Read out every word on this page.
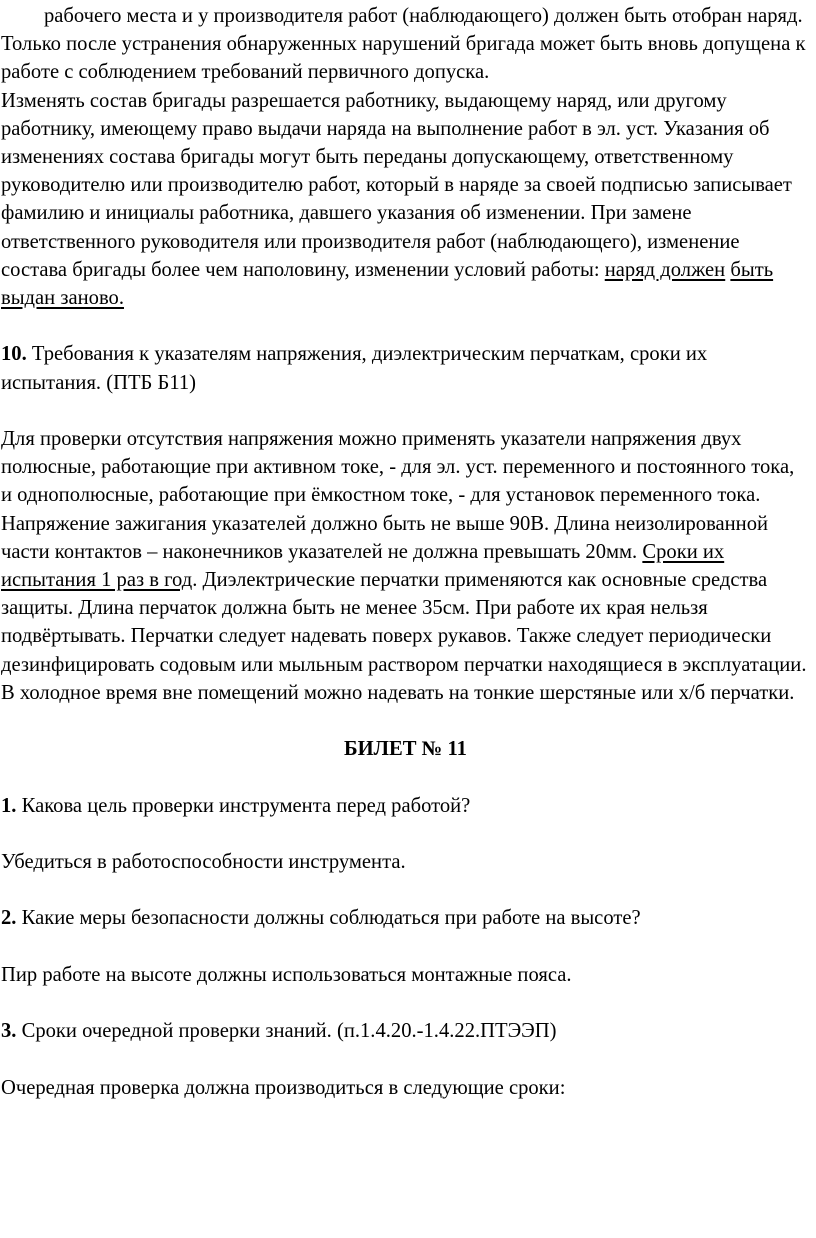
рабочего места и у производителя работ (наблюдающего) должен быть отобран наряд. Только после устранения обнаруженных нарушений бригада может быть вновь допущена к работе с соблюдением требований первичного допуска.

Изменять состав бригады разрешается работнику, выдающему наряд, или другому работнику, имеющему право выдачи наряда на выполнение работ в эл. уст. Указания об изменениях состава бригады могут быть переданы допускающему, ответственному руководителю или производителю работ, который в наряде за своей подписью записывает фамилию и инициалы работника, давшего указания об изменении. При замене ответственного руководителя или производителя работ (наблюдающего), изменение состава бригады более чем наполовину, изменении условий работы: наряд должен быть выдан заново.

10. Требования к указателям напряжения, диэлектрическим перчаткам, сроки их испытания. (ПТБ Б11)

Для проверки отсутствия напряжения можно применять указатели напряжения двух полюсные, работающие при активном токе, - для эл. уст. переменного и постоянного тока, и однополюсные, работающие при ёмкостном токе, - для установок переменного тока.

Напряжение зажигания указателей должно быть не выше 90В. Длина неизолированной части контактов – наконечников указателей не должна превышать 20мм. Сроки их испытания 1 раз в год. Диэлектрические перчатки применяются как основные средства защиты. Длина перчаток должна быть не менее 35см. При работе их края нельзя подвёртывать. Перчатки следует надевать поверх рукавов. Также следует периодически дезинфицировать содовым или мыльным раствором перчатки находящиеся в эксплуатации. В холодное время вне помещений можно надевать на тонкие шерстяные или х/б перчатки.

БИЛЕТ № 11

1. Какова цель проверки инструмента перед работой?

Убедиться в работоспособности инструмента.

2. Какие меры безопасности должны соблюдаться при работе на высоте?

Пир работе на высоте должны использоваться монтажные пояса.

3. Сроки очередной проверки знаний. (п.1.4.20.-1.4.22.ПТЭЭП)

Очередная проверка должна производиться в следующие сроки:
